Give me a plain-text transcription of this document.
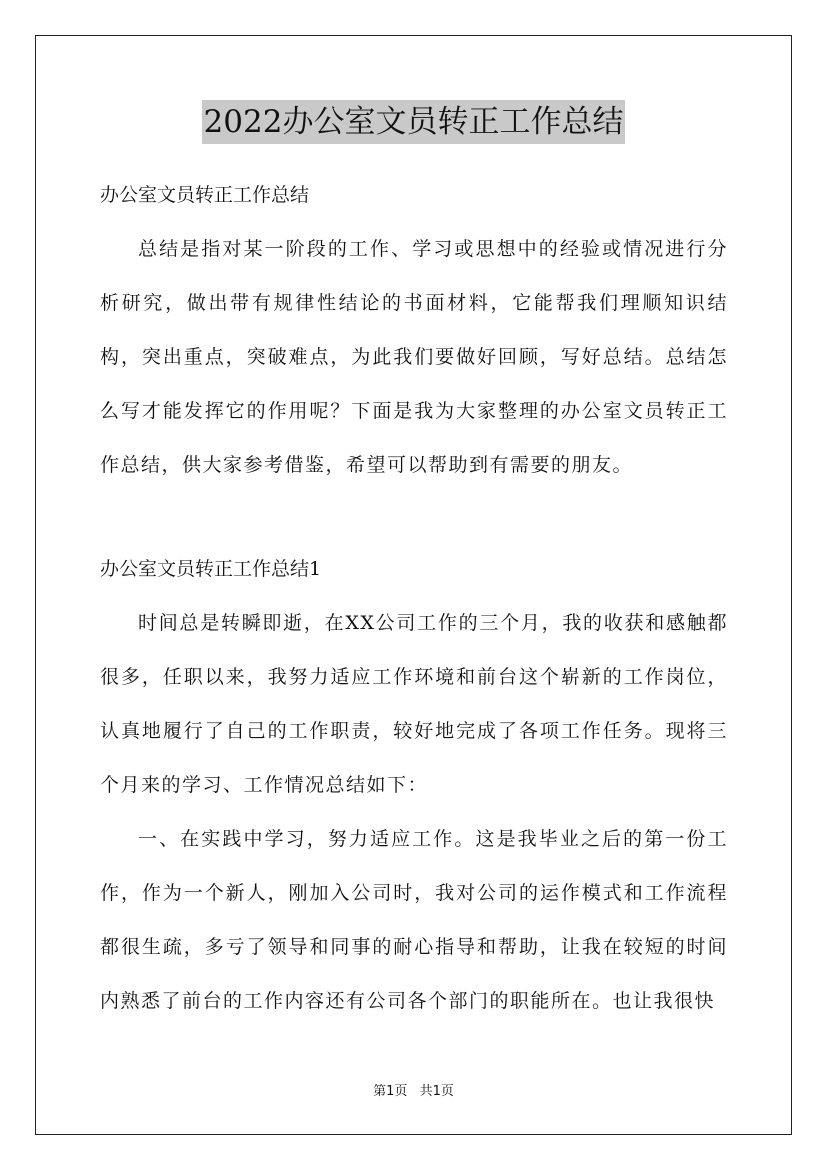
2022办公室文员转正工作总结

办公室文员转正工作总结

总结是指对某一阶段的工作、学习或思想中的经验或情况进行分析研究，做出带有规律性结论的书面材料，它能帮我们理顺知识结构，突出重点，突破难点，为此我们要做好回顾，写好总结。总结怎么写才能发挥它的作用呢？下面是我为大家整理的办公室文员转正工作总结，供大家参考借鉴，希望可以帮助到有需要的朋友。

办公室文员转正工作总结1

时间总是转瞬即逝，在XX公司工作的三个月，我的收获和感触都很多，任职以来，我努力适应工作环境和前台这个崭新的工作岗位，认真地履行了自己的工作职责，较好地完成了各项工作任务。现将三个月来的学习、工作情况总结如下：

一、在实践中学习，努力适应工作。这是我毕业之后的第一份工作，作为一个新人，刚加入公司时，我对公司的运作模式和工作流程都很生疏，多亏了领导和同事的耐心指导和帮助，让我在较短的时间内熟悉了前台的工作内容还有公司各个部门的职能所在。也让我很快

第1页 共1页
